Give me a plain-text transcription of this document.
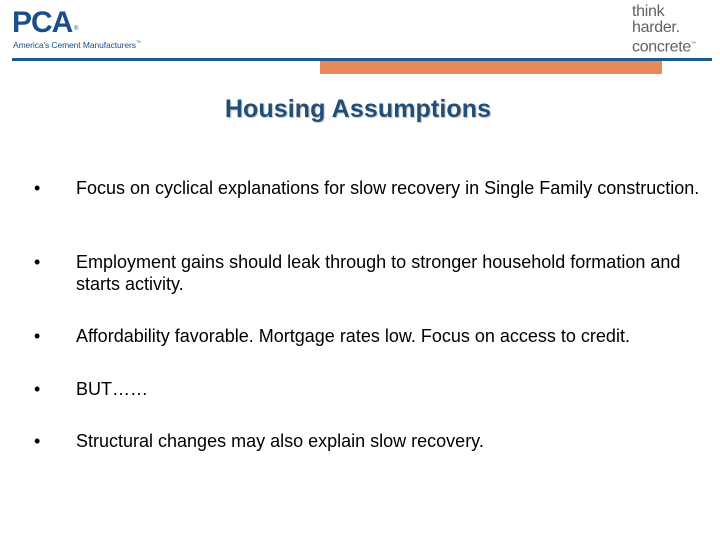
PCA ®
America's Cement Manufacturers™
think
harder.
concrete™
Housing Assumptions
•	Focus on cyclical explanations for slow recovery in Single Family construction.
•	Employment gains should leak through to stronger household formation and starts activity.
•	Affordability favorable. Mortgage rates low. Focus on access to credit.
•	BUT……
•	Structural changes may also explain slow recovery.
